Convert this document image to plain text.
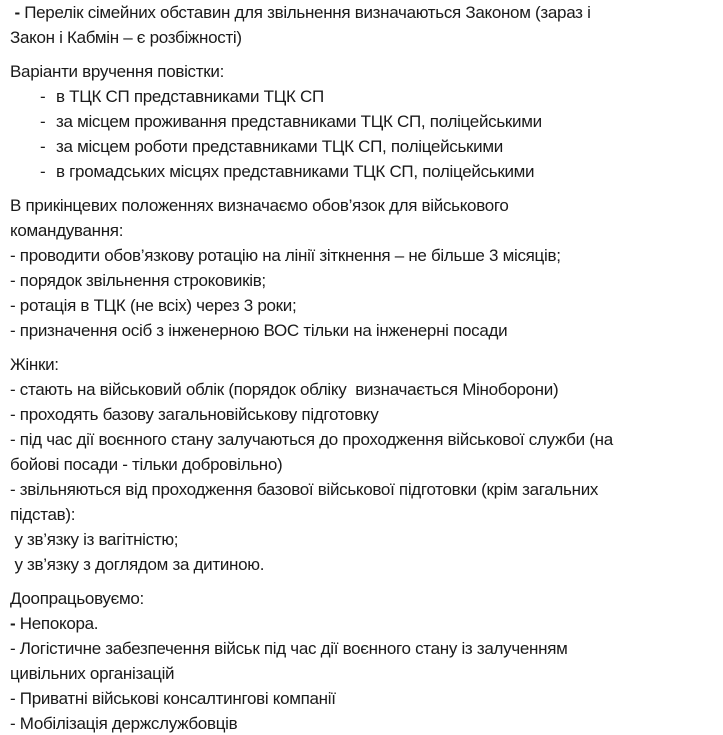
- Перелік сімейних обставин для звільнення визначаються Законом (зараз і
Закон і Кабмін – є розбіжності)
Варіанти вручення повістки:
- в ТЦК СП представниками ТЦК СП
- за місцем проживання представниками ТЦК СП, поліцейськими
- за місцем роботи представниками ТЦК СП, поліцейськими
- в громадських місцях представниками ТЦК СП, поліцейськими
В прикінцевих положеннях визначаємо обов’язок для військового
командування:
- проводити обов’язкову ротацію на лінії зіткнення – не більше 3 місяців;
- порядок звільнення строковиків;
- ротація в ТЦК (не всіх) через 3 роки;
- призначення осіб з інженерною ВОС тільки на інженерні посади
Жінки:
- стають на військовий облік (порядок обліку  визначається Міноборони)
- проходять базову загальновійськову підготовку
- під час дії воєнного стану залучаються до проходження військової служби (на
бойові посади - тільки добровільно)
- звільняються від проходження базової військової підготовки (крім загальних
підстав):
у зв’язку із вагітністю;
у зв’язку з доглядом за дитиною.
Доопрацьовуємо:
- Непокора.
- Логістичне забезпечення військ під час дії воєнного стану із залученням
цивільних організацій
- Приватні військові консалтингові компанії
- Мобілізація держслужбовців
